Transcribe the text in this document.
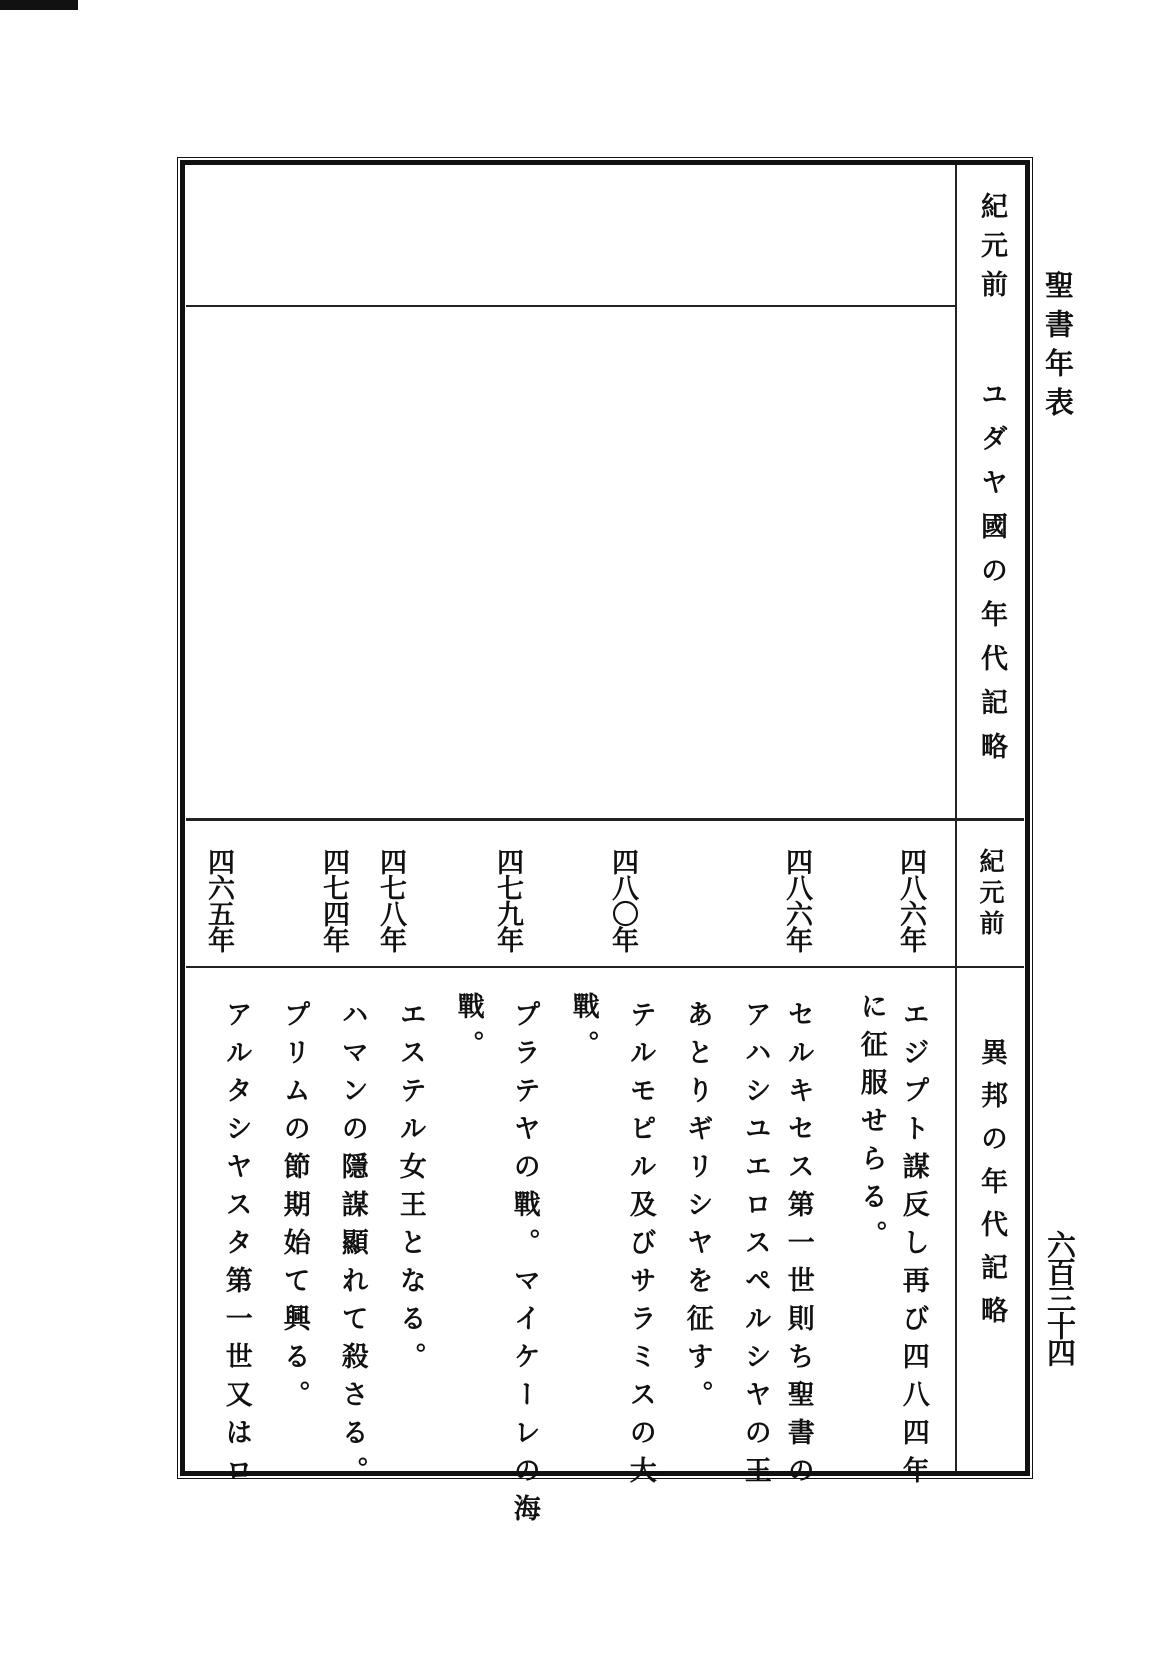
聖書年表
六百三十四
紀元前
ユダヤ國の年代記略
紀元前
異邦の年代記略
四八六年
四八六年
四八〇年
四七九年
四七八年
四七四年
四六五年
エジプト謀反し再び四八四年
に征服せらる。
セルキセス第一世則ち聖書の
アハシユエロスペルシヤの王
あとりギリシヤを征す。
テルモピル及びサラミスの大
戰。
プラテヤの戰。マイケーレの海
戰。
エステル女王となる。
ハマンの隱謀顯れて殺さる。
プリムの節期始て興る。
アルタシヤスタ第一世又はロ
